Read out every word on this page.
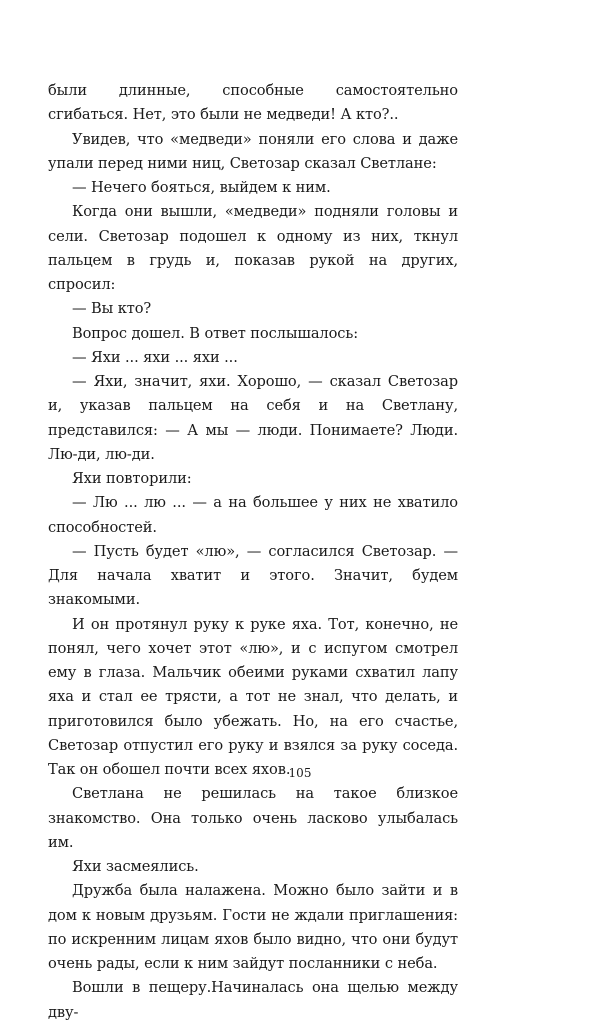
были длинные, способные самостоятельно сгибаться. Нет, это были не медведи! А кто?..

Увидев, что «медведи» поняли его слова и даже упали перед ними ниц, Светозар сказал Светлане:

— Нечего бояться, выйдем к ним.

Когда они вышли, «медведи» подняли головы и сели. Светозар подошел к одному из них, ткнул пальцем в грудь и, показав рукой на других, спросил:

— Вы кто?

Вопрос дошел. В ответ послышалось:

— Яхи ... яхи ... яхи ...

— Яхи, значит, яхи. Хорошо, — сказал Светозар и, указав пальцем на себя и на Светлану, представился: — А мы — люди. Понимаете? Люди. Лю-ди, лю-ди.

Яхи повторили:

— Лю ... лю ... — а на большее у них не хватило способностей.

— Пусть будет «лю», — согласился Светозар. — Для начала хватит и этого. Значит, будем знакомыми.

И он протянул руку к руке яха. Тот, конечно, не понял, чего хочет этот «лю», и с испугом смотрел ему в глаза. Мальчик обеими руками схватил лапу яха и стал ее трясти, а тот не знал, что делать, и приготовился было убежать. Но, на его счастье, Светозар отпустил его руку и взялся за руку соседа. Так он обошел почти всех яхов.

Светлана не решилась на такое близкое знакомство. Она только очень ласково улыбалась им.

Яхи засмеялись.

Дружба была налажена. Можно было зайти и в дом к новым друзьям. Гости не ждали приглашения: по искренним лицам яхов было видно, что они будут очень рады, если к ним зайдут посланники с неба.

Вошли в пещеру.Начиналась она щелью между дву-

105
